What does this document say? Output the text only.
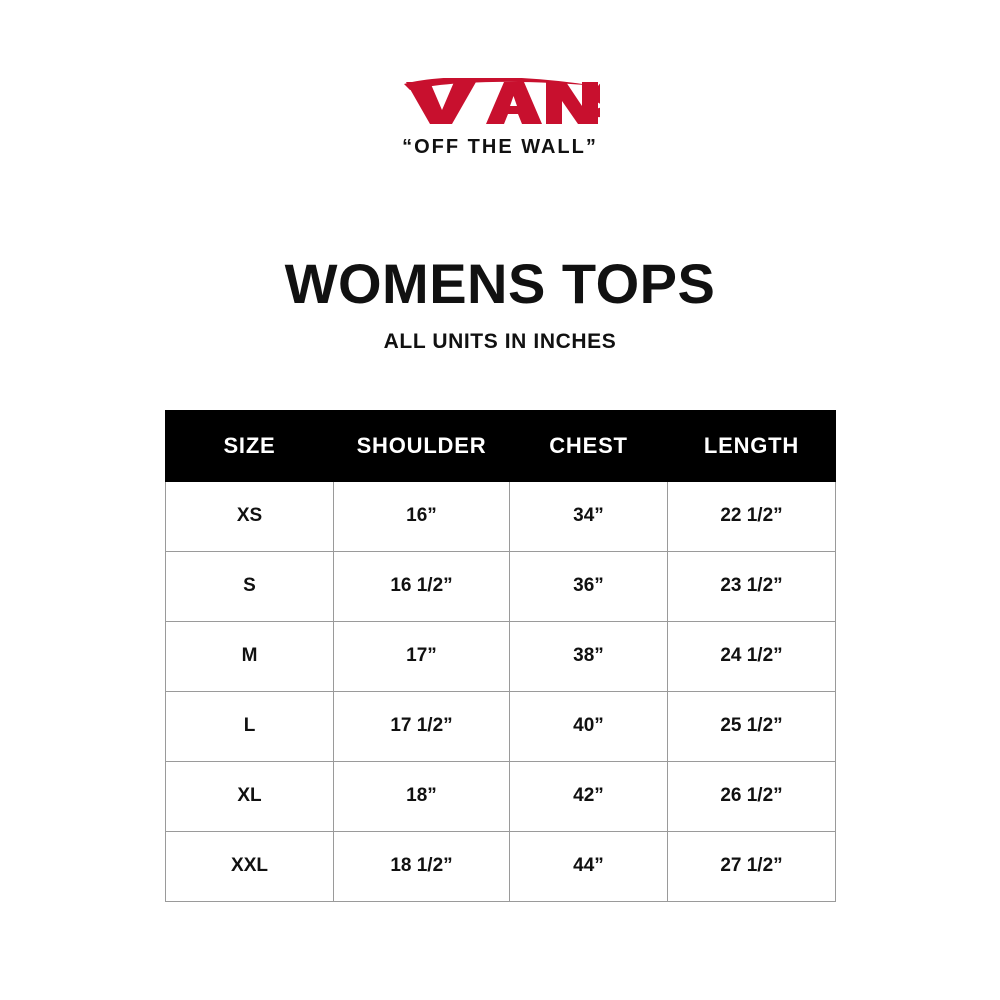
“OFF THE WALL”
WOMENS TOPS
ALL UNITS IN INCHES
SIZE	SHOULDER	CHEST	LENGTH
XS	16”	34”	22 1/2”
S	16 1/2”	36”	23 1/2”
M	17”	38”	24 1/2”
L	17 1/2”	40”	25 1/2”
XL	18”	42”	26 1/2”
XXL	18 1/2”	44”	27 1/2”
